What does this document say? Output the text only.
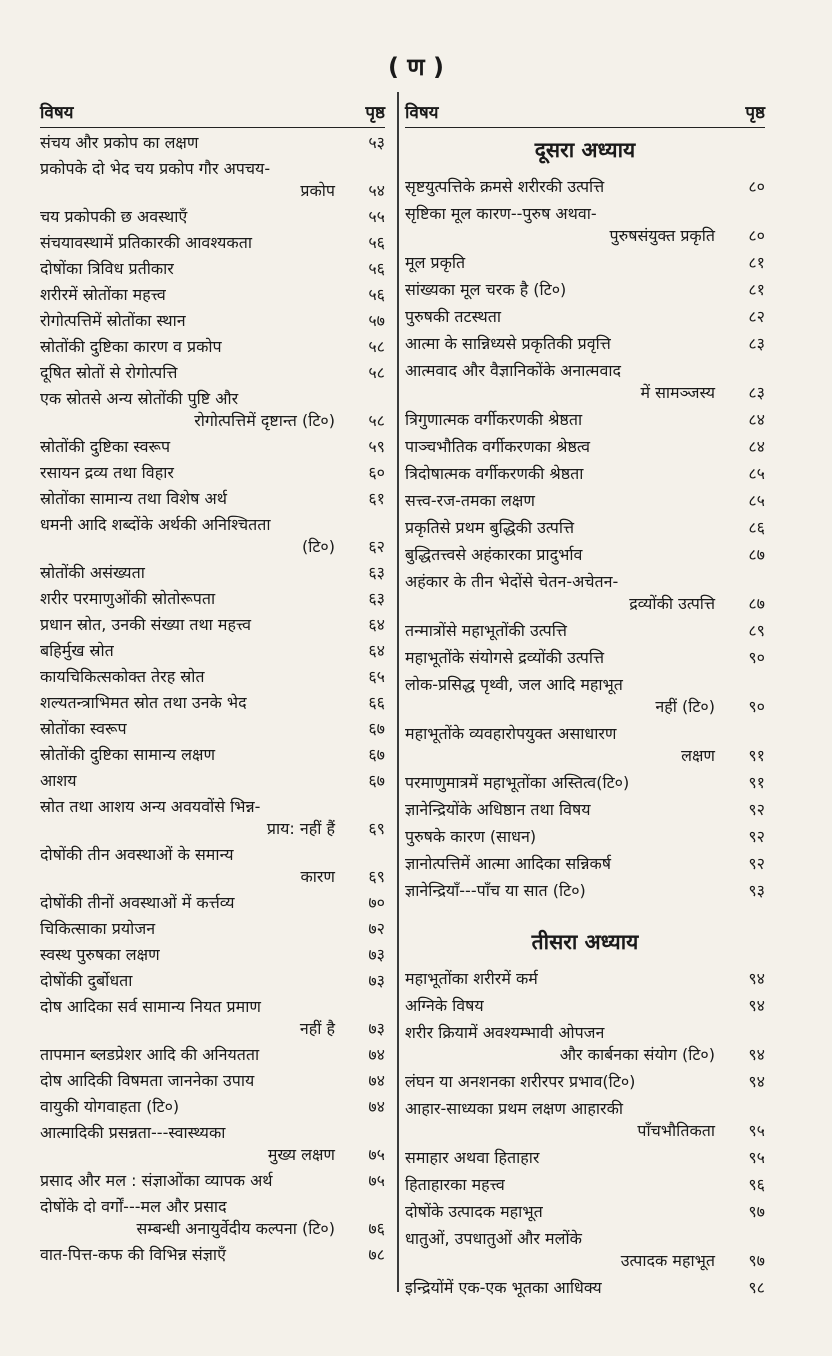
( ण )
विषय	पृष्ठ
संचय और प्रकोप का लक्षण	५३
प्रकोपके दो भेद चय प्रकोप गौर अपचय-
प्रकोप	५४
चय प्रकोपकी छ अवस्थाएँ	५५
संचयावस्थामें प्रतिकारकी आवश्यकता	५६
दोषोंका त्रिविध प्रतीकार	५६
शरीरमें स्रोतोंका महत्त्व	५६
रोगोत्पत्तिमें स्रोतोंका स्थान	५७
स्रोतोंकी दुष्टिका कारण व प्रकोप	५८
दूषित स्रोतों से रोगोत्पत्ति	५८
एक स्रोतसे अन्य स्रोतोंकी पुष्टि और
रोगोत्पत्तिमें दृष्टान्त (टि०)	५८
स्रोतोंकी दुष्टिका स्वरूप	५९
रसायन द्रव्य तथा विहार	६०
स्रोतोंका सामान्य तथा विशेष अर्थ	६१
धमनी आदि शब्दोंके अर्थकी अनिश्चितता
(टि०)	६२
स्रोतोंकी असंख्यता	६३
शरीर परमाणुओंकी स्रोतोरूपता	६३
प्रधान स्रोत, उनकी संख्या तथा महत्त्व	६४
बहिर्मुख स्रोत	६४
कायचिकित्सकोक्त तेरह स्रोत	६५
शल्यतन्त्राभिमत स्रोत तथा उनके भेद	६६
स्रोतोंका स्वरूप	६७
स्रोतोंकी दुष्टिका सामान्य लक्षण	६७
आशय	६७
स्रोत तथा आशय अन्य अवयवोंसे भिन्न-
प्राय: नहीं हैं	६९
दोषोंकी तीन अवस्थाओं के समान्य
कारण	६९
दोषोंकी तीनों अवस्थाओं में कर्त्तव्य	७०
चिकित्साका प्रयोजन	७२
स्वस्थ पुरुषका लक्षण	७३
दोषोंकी दुर्बोधता	७३
दोष आदिका सर्व सामान्य नियत प्रमाण
नहीं है	७३
तापमान ब्लडप्रेशर आदि की अनियतता	७४
दोष आदिकी विषमता जाननेका उपाय	७४
वायुकी योगवाहता (टि०)	७४
आत्मादिकी प्रसन्नता---स्वास्थ्यका
मुख्य लक्षण	७५
प्रसाद और मल : संज्ञाओंका व्यापक अर्थ	७५
दोषोंके दो वर्गों---मल और प्रसाद
सम्बन्धी अनायुर्वेदीय कल्पना (टि०)	७६
वात-पित्त-कफ की विभिन्न संज्ञाएँ	७८
विषय	पृष्ठ
दूसरा अध्याय
सृष्टयुत्पत्तिके क्रमसे शरीरकी उत्पत्ति	८०
सृष्टिका मूल कारण--पुरुष अथवा-
पुरुषसंयुक्त प्रकृति	८०
मूल प्रकृति	८१
सांख्यका मूल चरक है (टि०)	८१
पुरुषकी तटस्थता	८२
आत्मा के सान्निध्यसे प्रकृतिकी प्रवृत्ति	८३
आत्मवाद और वैज्ञानिकोंके अनात्मवाद
में सामञ्जस्य	८३
त्रिगुणात्मक वर्गीकरणकी श्रेष्ठता	८४
पाञ्चभौतिक वर्गीकरणका श्रेष्ठत्व	८४
त्रिदोषात्मक वर्गीकरणकी श्रेष्ठता	८५
सत्त्व-रज-तमका लक्षण	८५
प्रकृतिसे प्रथम बुद्धिकी उत्पत्ति	८६
बुद्धितत्त्वसे अहंकारका प्रादुर्भाव	८७
अहंकार के तीन भेदोंसे चेतन-अचेतन-
द्रव्योंकी उत्पत्ति	८७
तन्मात्रोंसे महाभूतोंकी उत्पत्ति	८९
महाभूतोंके संयोगसे द्रव्योंकी उत्पत्ति	९०
लोक-प्रसिद्ध पृथ्वी, जल आदि महाभूत
नहीं (टि०)	९०
महाभूतोंके व्यवहारोपयुक्त असाधारण
लक्षण	९१
परमाणुमात्रमें महाभूतोंका अस्तित्व(टि०)	९१
ज्ञानेन्द्रियोंके अधिष्ठान तथा विषय	९२
पुरुषके कारण (साधन)	९२
ज्ञानोत्पत्तिमें आत्मा आदिका सन्निकर्ष	९२
ज्ञानेन्द्रियाँ---पाँच या सात (टि०)	९३
तीसरा अध्याय
महाभूतोंका शरीरमें कर्म	९४
अग्निके विषय	९४
शरीर क्रियामें अवश्यम्भावी ओपजन
और कार्बनका संयोग (टि०)	९४
लंघन या अनशनका शरीरपर प्रभाव(टि०)	९४
आहार-साध्यका प्रथम लक्षण आहारकी
पाँचभौतिकता	९५
समाहार अथवा हिताहार	९५
हिताहारका महत्त्व	९६
दोषोंके उत्पादक महाभूत	९७
धातुओं, उपधातुओं और मलोंके
उत्पादक महाभूत	९७
इन्द्रियोंमें एक-एक भूतका आधिक्य	९८
